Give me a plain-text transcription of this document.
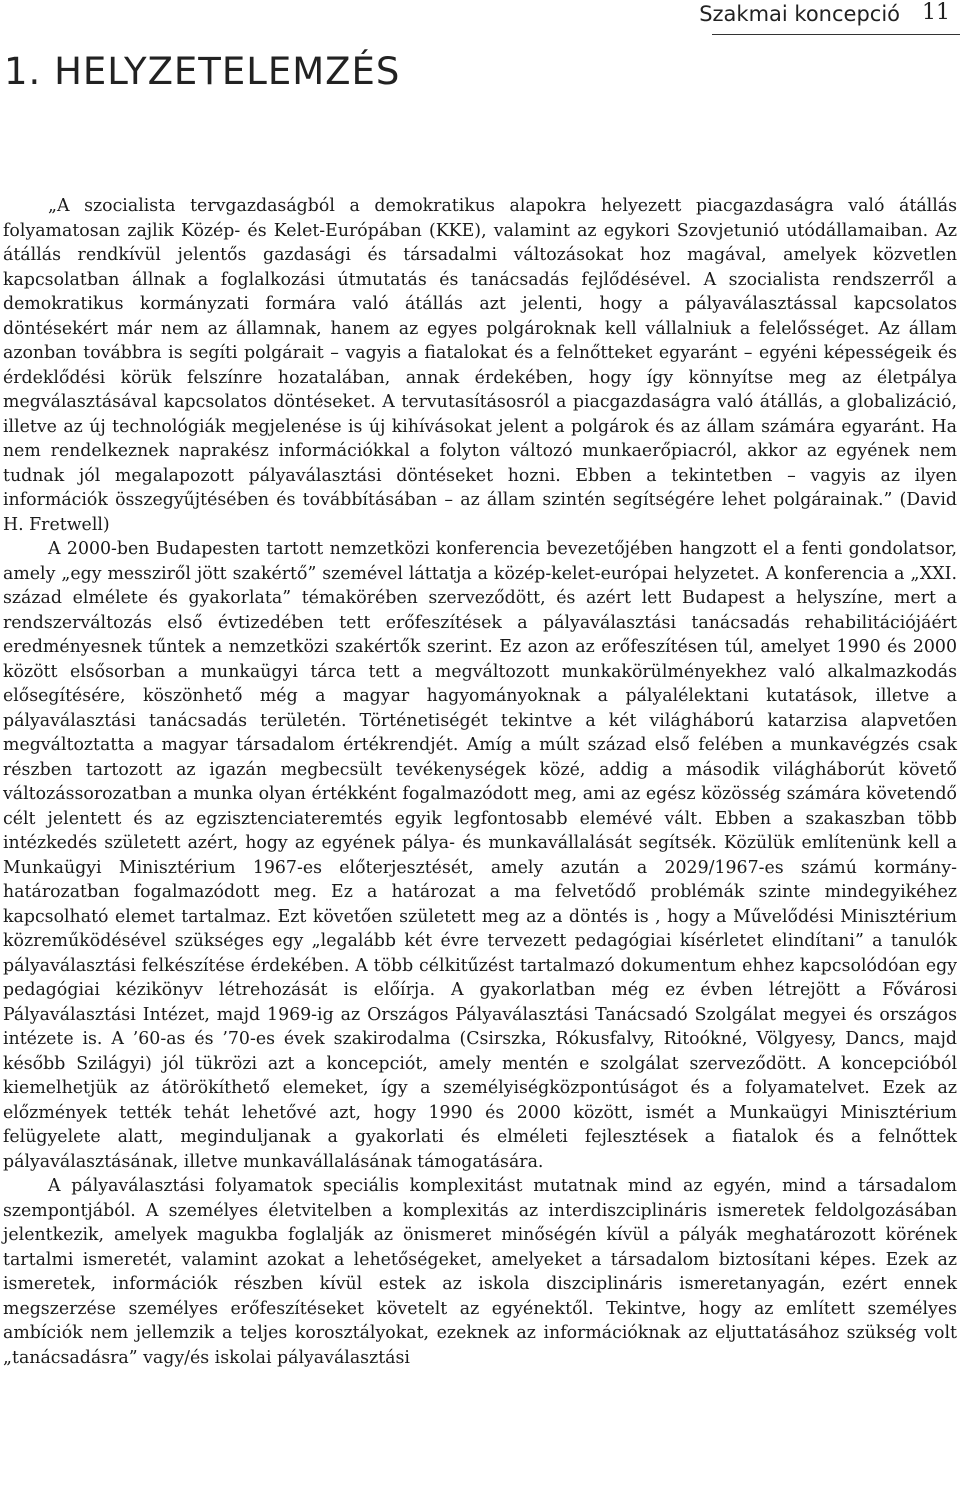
Szakmai koncepció 11
1. HELYZETELEMZÉS

„A szocialista tervgazdaságból a demokratikus alapokra helyezett piacgazdaságra való átállás folyamatosan zajlik Közép- és Kelet-Európában (KKE), valamint az egykori Szovjetunió utódállamaiban. Az átállás rendkívül jelentős gazdasági és társadalmi változásokat hoz magával, amelyek közvetlen kapcsolatban állnak a foglalkozási útmutatás és tanácsadás fejlődésével. A szocialista rendszerről a demokratikus kormányzati formára való átállás azt jelenti, hogy a pályaválasztással kapcsolatos döntésekért már nem az államnak, hanem az egyes polgároknak kell vállalniuk a felelősséget. Az állam azonban továbbra is segíti polgárait – vagyis a fiatalokat és a felnőtteket egyaránt – egyéni képességeik és érdeklődési körük felszínre hozatalában, annak érdekében, hogy így könnyítse meg az életpálya megválasztásával kapcsolatos döntéseket. A tervutasításosról a piacgazdaságra való átállás, a globalizáció, illetve az új technológiák megjelenése is új kihívásokat jelent a polgárok és az állam számára egyaránt. Ha nem rendelkeznek naprakész információkkal a folyton változó munkaerőpiacról, akkor az egyének nem tudnak jól megalapozott pályaválasztási döntéseket hozni. Ebben a tekintetben – vagyis az ilyen információk összegyűjtésében és továbbításában – az állam szintén segítségére lehet polgárainak.” (David H. Fretwell)

A 2000-ben Budapesten tartott nemzetközi konferencia bevezetőjében hangzott el a fenti gondolatsor, amely „egy messziről jött szakértő” szemével láttatja a közép-kelet-európai helyzetet. A konferencia a „XXI. század elmélete és gyakorlata” témakörében szerveződött, és azért lett Budapest a helyszíne, mert a rendszerváltozás első évtizedében tett erőfeszítések a pályaválasztási tanácsadás rehabilitációjáért eredményesnek tűntek a nemzetközi szakértők szerint. Ez azon az erőfeszítésen túl, amelyet 1990 és 2000 között elsősorban a munkaügyi tárca tett a megváltozott munkakörülményekhez való alkalmazkodás elősegítésére, köszönhető még a magyar hagyományoknak a pályalélektani kutatások, illetve a pályaválasztási tanácsadás területén. Történetiségét tekintve a két világháború katarzisa alapvetően megváltoztatta a magyar társadalom értékrendjét. Amíg a múlt század első felében a munkavégzés csak részben tartozott az igazán megbecsült tevékenységek közé, addig a második világháborút követő változássorozatban a munka olyan értékként fogalmazódott meg, ami az egész közösség számára követendő célt jelentett és az egzisztenciateremtés egyik legfontosabb elemévé vált. Ebben a szakaszban több intézkedés született azért, hogy az egyének pálya- és munkavállalását segítsék. Közülük említenünk kell a Munkaügyi Minisztérium 1967-es előterjesztését, amely azután a 2029/1967-es számú kormány-határozatban fogalmazódott meg. Ez a határozat a ma felvetődő problémák szinte mindegyikéhez kapcsolható elemet tartalmaz. Ezt követően született meg az a döntés is , hogy a Művelődési Minisztérium közreműködésével szükséges egy „legalább két évre tervezett pedagógiai kísérletet elindítani” a tanulók pályaválasztási felkészítése érdekében. A több célkitűzést tartalmazó dokumentum ehhez kapcsolódóan egy pedagógiai kézikönyv létrehozását is előírja. A gyakorlatban még ez évben létrejött a Fővárosi Pályaválasztási Intézet, majd 1969-ig az Országos Pályaválasztási Tanácsadó Szolgálat megyei és országos intézete is. A ’60-as és ’70-es évek szakirodalma (Csirszka, Rókusfalvy, Ritoókné, Völgyesy, Dancs, majd később Szilágyi) jól tükrözi azt a koncepciót, amely mentén e szolgálat szerveződött. A koncepcióból kiemelhetjük az átörökíthető elemeket, így a személyiségközpontúságot és a folyamatelvet. Ezek az előzmények tették tehát lehetővé azt, hogy 1990 és 2000 között, ismét a Munkaügyi Minisztérium felügyelete alatt, meginduljanak a gyakorlati és elméleti fejlesztések a fiatalok és a felnőttek pályaválasztásának, illetve munkavállalásának támogatására.

A pályaválasztási folyamatok speciális komplexitást mutatnak mind az egyén, mind a társadalom szempontjából. A személyes életvitelben a komplexitás az interdiszciplináris ismeretek feldolgozásában jelentkezik, amelyek magukba foglalják az önismeret minőségén kívül a pályák meghatározott körének tartalmi ismeretét, valamint azokat a lehetőségeket, amelyeket a társadalom biztosítani képes. Ezek az ismeretek, információk részben kívül estek az iskola diszciplináris ismeretanyagán, ezért ennek megszerzése személyes erőfeszítéseket követelt az egyénektől. Tekintve, hogy az említett személyes ambíciók nem jellemzik a teljes korosztályokat, ezeknek az információknak az eljuttatásához szükség volt „tanácsadásra” vagy/és iskolai pályaválasztási
